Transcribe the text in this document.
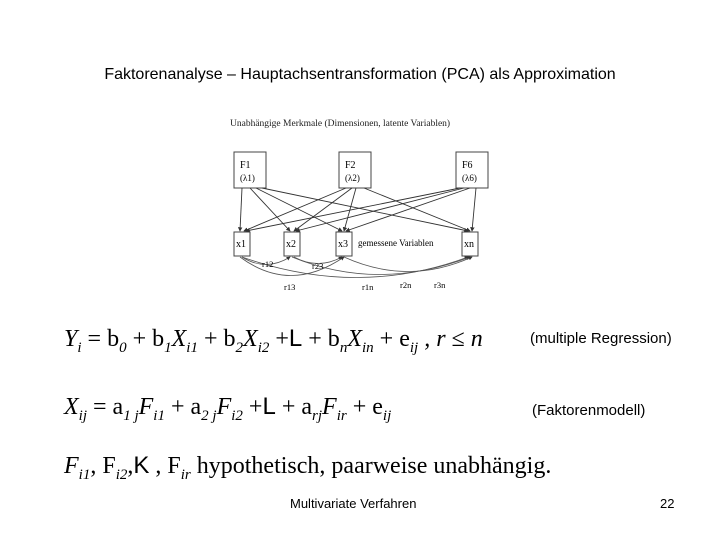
Faktorenanalyse – Hauptachsentransformation (PCA) als Approximation
Unabhängige Merkmale (Dimensionen, latente Variablen)
F1
(λ1)
F2
(λ2)
F6
(λ6)
x1	x2	x3	xn
gemessene Variablen
r12	r23
r13	r1n	r2n	r3n
$Y_i = b_0 + b_1X_{i1} + b_2X_{i2} +L + b_nX_{in} + e_{ij}$ , r ≤ n	(multiple Regression)
$X_{ij} = a_{1 j}F_{i1} + a_{2 j}F_{i2} +L + a_{rj}F_{ir} + e_{ij}$	(Faktorenmodell)
$F_{i1}$, $F_{i2},K$ , $F_{ir}$ hypothetisch, paarweise unabhängig.
Multivariate Verfahren	22
